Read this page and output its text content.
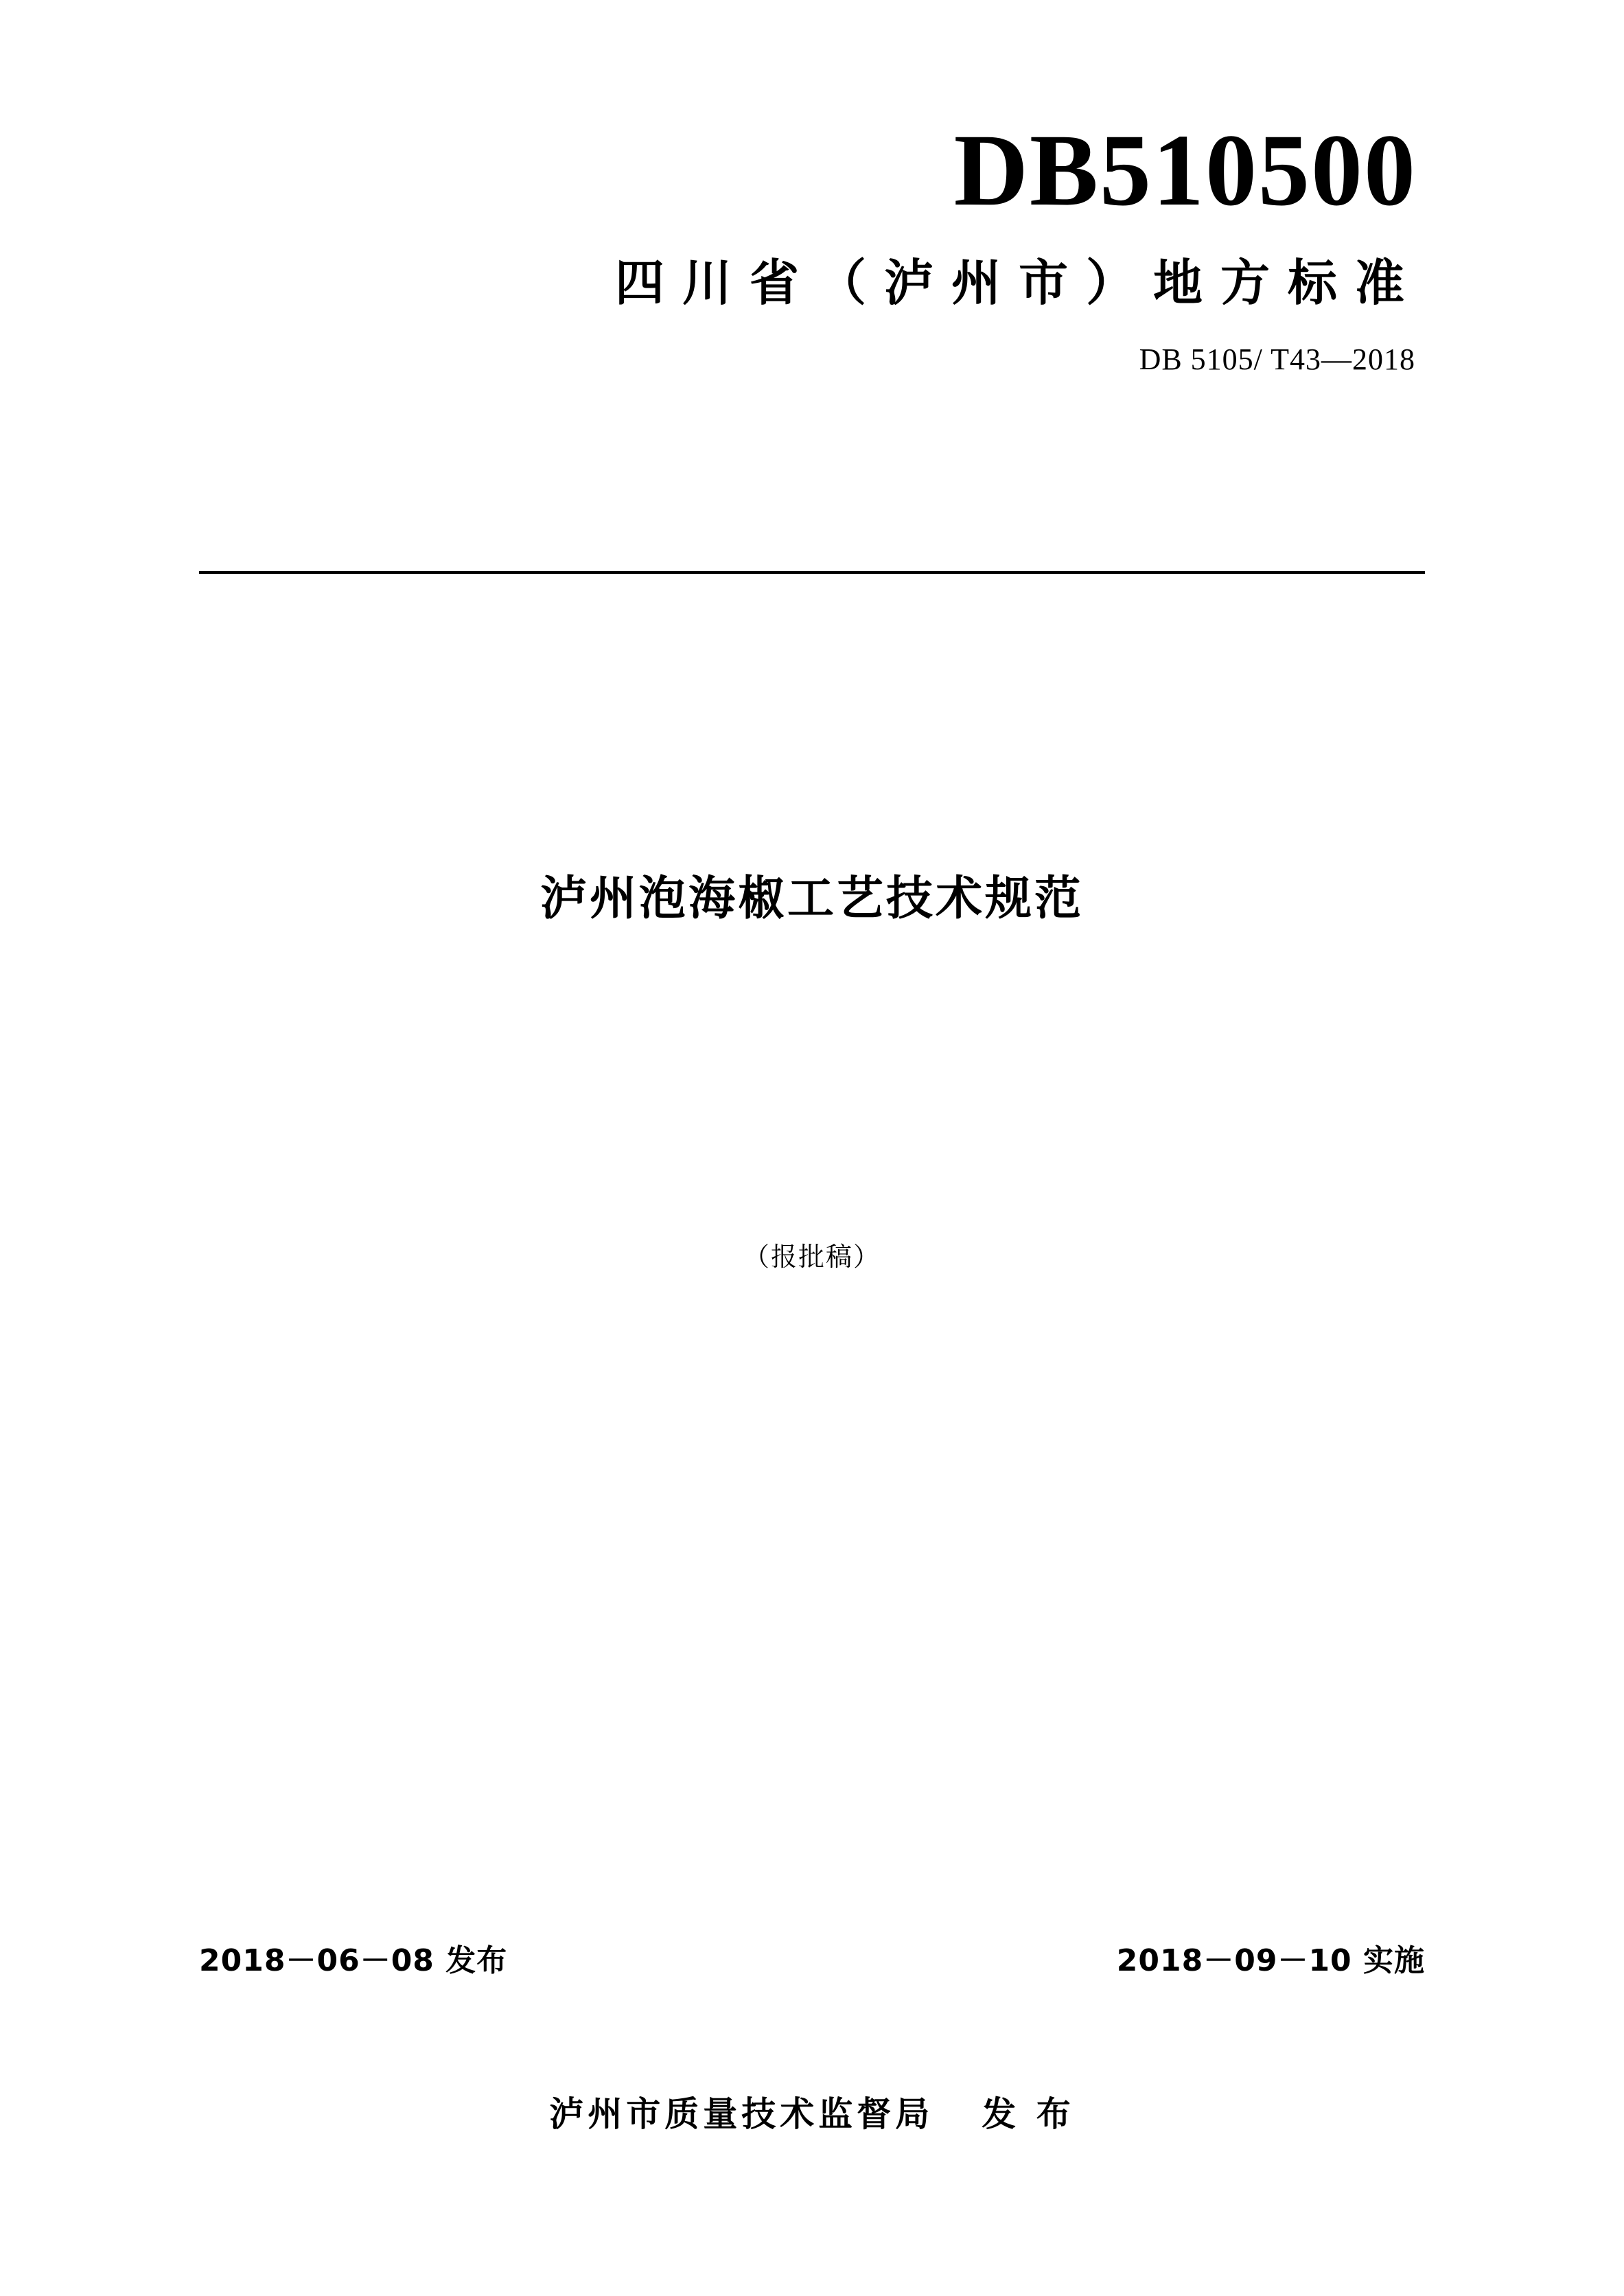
DB510500
四川省（泸州市）地方标准
DB 5105/ T43—2018
泸州泡海椒工艺技术规范
（报批稿）
2018－06－08 发布	2018－09－10 实施
泸州市质量技术监督局 发 布
